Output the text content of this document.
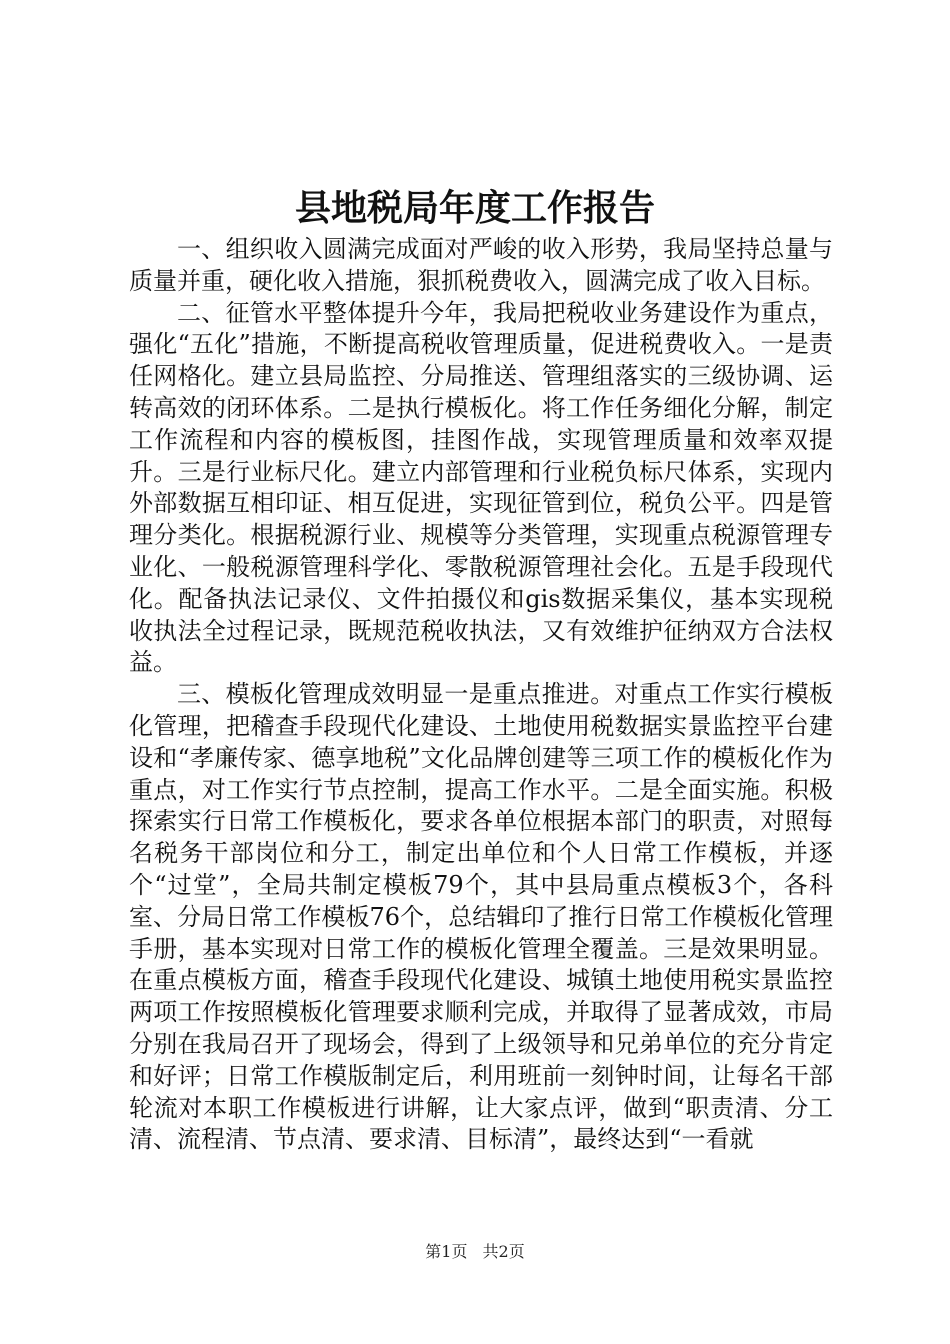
县地税局年度工作报告

一、组织收入圆满完成面对严峻的收入形势，我局坚持总量与质量并重，硬化收入措施，狠抓税费收入，圆满完成了收入目标。

二、征管水平整体提升今年，我局把税收业务建设作为重点，强化“五化”措施，不断提高税收管理质量，促进税费收入。一是责任网格化。建立县局监控、分局推送、管理组落实的三级协调、运转高效的闭环体系。二是执行模板化。将工作任务细化分解，制定工作流程和内容的模板图，挂图作战，实现管理质量和效率双提升。三是行业标尺化。建立内部管理和行业税负标尺体系，实现内外部数据互相印证、相互促进，实现征管到位，税负公平。四是管理分类化。根据税源行业、规模等分类管理，实现重点税源管理专业化、一般税源管理科学化、零散税源管理社会化。五是手段现代化。配备执法记录仪、文件拍摄仪和gis数据采集仪，基本实现税收执法全过程记录，既规范税收执法，又有效维护征纳双方合法权益。

三、模板化管理成效明显一是重点推进。对重点工作实行模板化管理，把稽查手段现代化建设、土地使用税数据实景监控平台建设和“孝廉传家、德享地税”文化品牌创建等三项工作的模板化作为重点，对工作实行节点控制，提高工作水平。二是全面实施。积极探索实行日常工作模板化，要求各单位根据本部门的职责，对照每名税务干部岗位和分工，制定出单位和个人日常工作模板，并逐个“过堂”，全局共制定模板79个，其中县局重点模板3个，各科室、分局日常工作模板76个，总结辑印了推行日常工作模板化管理手册，基本实现对日常工作的模板化管理全覆盖。三是效果明显。在重点模板方面，稽查手段现代化建设、城镇土地使用税实景监控两项工作按照模板化管理要求顺利完成，并取得了显著成效，市局分别在我局召开了现场会，得到了上级领导和兄弟单位的充分肯定和好评；日常工作模版制定后，利用班前一刻钟时间，让每名干部轮流对本职工作模板进行讲解，让大家点评，做到“职责清、分工清、流程清、节点清、要求清、目标清”，最终达到“一看就

第1页 共2页
